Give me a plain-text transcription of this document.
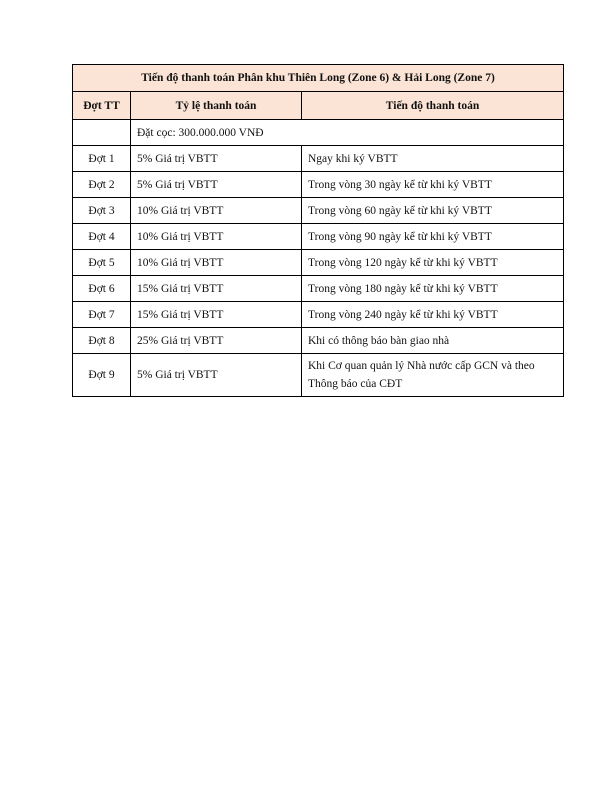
Tiến độ thanh toán Phân khu Thiên Long (Zone 6) & Hải Long (Zone 7)		
Đợt TT	Tỷ lệ thanh toán	Tiến độ thanh toán
	Đặt cọc: 300.000.000 VNĐ	
Đợt 1	5% Giá trị VBTT	Ngay khi ký VBTT
Đợt 2	5% Giá trị VBTT	Trong vòng 30 ngày kể từ khi ký VBTT
Đợt 3	10% Giá trị VBTT	Trong vòng 60 ngày kể từ khi ký VBTT
Đợt 4	10% Giá trị VBTT	Trong vòng 90 ngày kể từ khi ký VBTT
Đợt 5	10% Giá trị VBTT	Trong vòng 120 ngày kể từ khi ký VBTT
Đợt 6	15% Giá trị VBTT	Trong vòng 180 ngày kể từ khi ký VBTT
Đợt 7	15% Giá trị VBTT	Trong vòng 240 ngày kể từ khi ký VBTT
Đợt 8	25% Giá trị VBTT	Khi có thông báo bàn giao nhà
Đợt 9	5% Giá trị VBTT	Khi Cơ quan quản lý Nhà nước cấp GCN và theo Thông báo của CĐT
